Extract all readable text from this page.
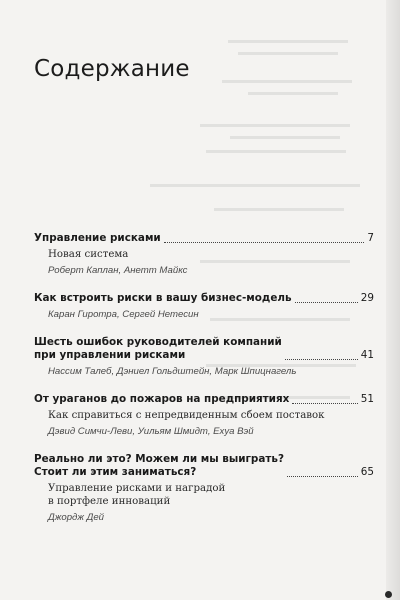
Содержание
Управление рисками	7
Новая система
Роберт Каплан, Анетт Майкс
Как встроить риски в вашу бизнес-модель	29
Каран Гиротра, Сергей Нетесин
Шесть ошибок руководителей компаний
при управлении рисками	41
Нассим Талеб, Дэниел Гольдштейн, Марк Шпицнагель
От ураганов до пожаров на предприятиях	51
Как справиться с непредвиденным сбоем поставок
Дэвид Симчи-Леви, Уильям Шмидт, Ехуа Вэй
Реально ли это? Можем ли мы выиграть?
Стоит ли этим заниматься?	65
Управление рисками и наградой
в портфеле инноваций
Джордж Дей
